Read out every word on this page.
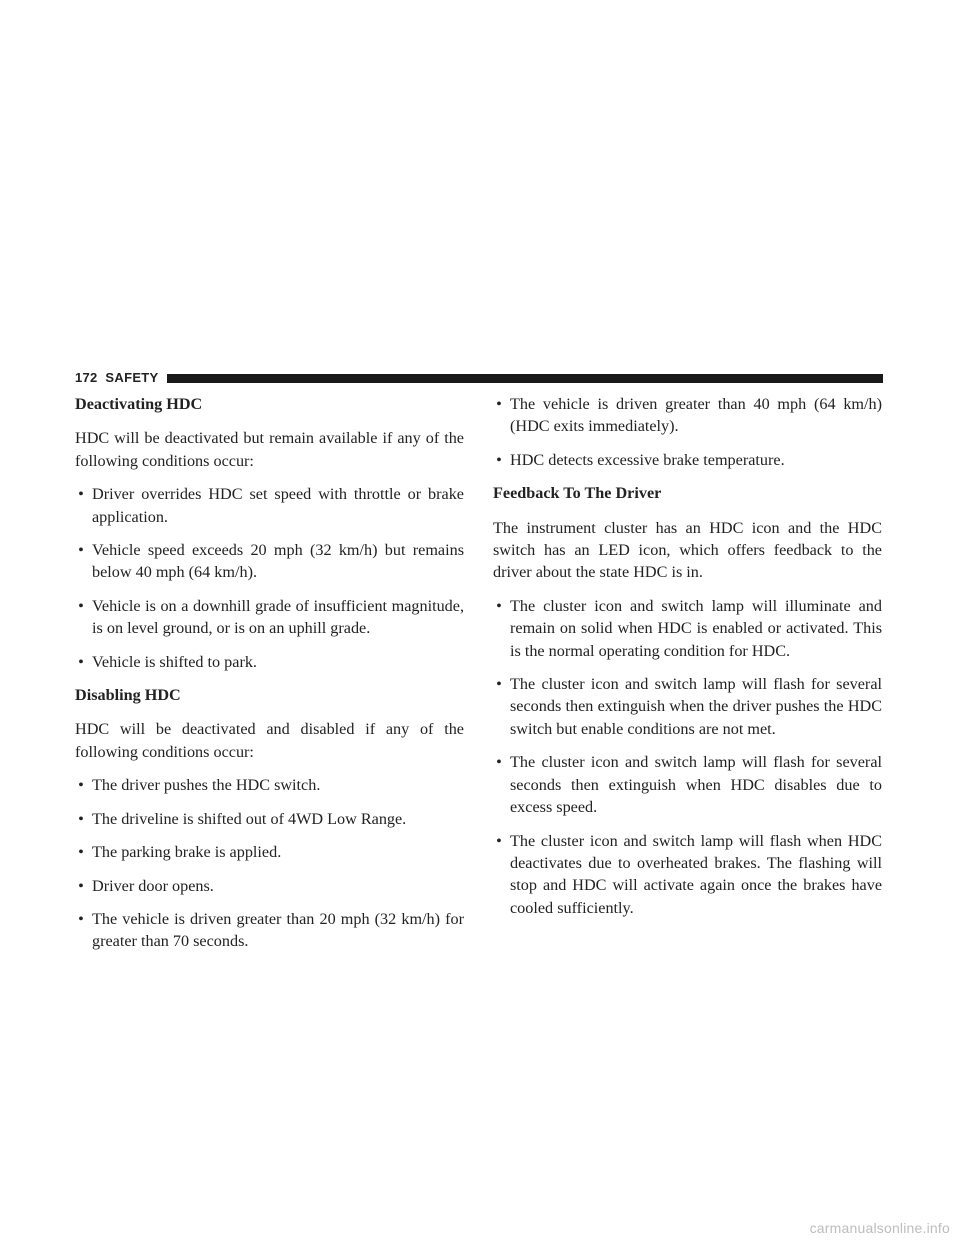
172 SAFETY
Deactivating HDC

HDC will be deactivated but remain available if any of the following conditions occur:

• Driver overrides HDC set speed with throttle or brake application.
• Vehicle speed exceeds 20 mph (32 km/h) but remains below 40 mph (64 km/h).
• Vehicle is on a downhill grade of insufficient magnitude, is on level ground, or is on an uphill grade.
• Vehicle is shifted to park.
Disabling HDC

HDC will be deactivated and disabled if any of the following conditions occur:

• The driver pushes the HDC switch.
• The driveline is shifted out of 4WD Low Range.
• The parking brake is applied.
• Driver door opens.
• The vehicle is driven greater than 20 mph (32 km/h) for greater than 70 seconds.
• The vehicle is driven greater than 40 mph (64 km/h) (HDC exits immediately).
• HDC detects excessive brake temperature.
Feedback To The Driver

The instrument cluster has an HDC icon and the HDC switch has an LED icon, which offers feedback to the driver about the state HDC is in.

• The cluster icon and switch lamp will illuminate and remain on solid when HDC is enabled or activated. This is the normal operating condition for HDC.
• The cluster icon and switch lamp will flash for several seconds then extinguish when the driver pushes the HDC switch but enable conditions are not met.
• The cluster icon and switch lamp will flash for several seconds then extinguish when HDC disables due to excess speed.
• The cluster icon and switch lamp will flash when HDC deactivates due to overheated brakes. The flashing will stop and HDC will activate again once the brakes have cooled sufficiently.
carmanualsonline.info
